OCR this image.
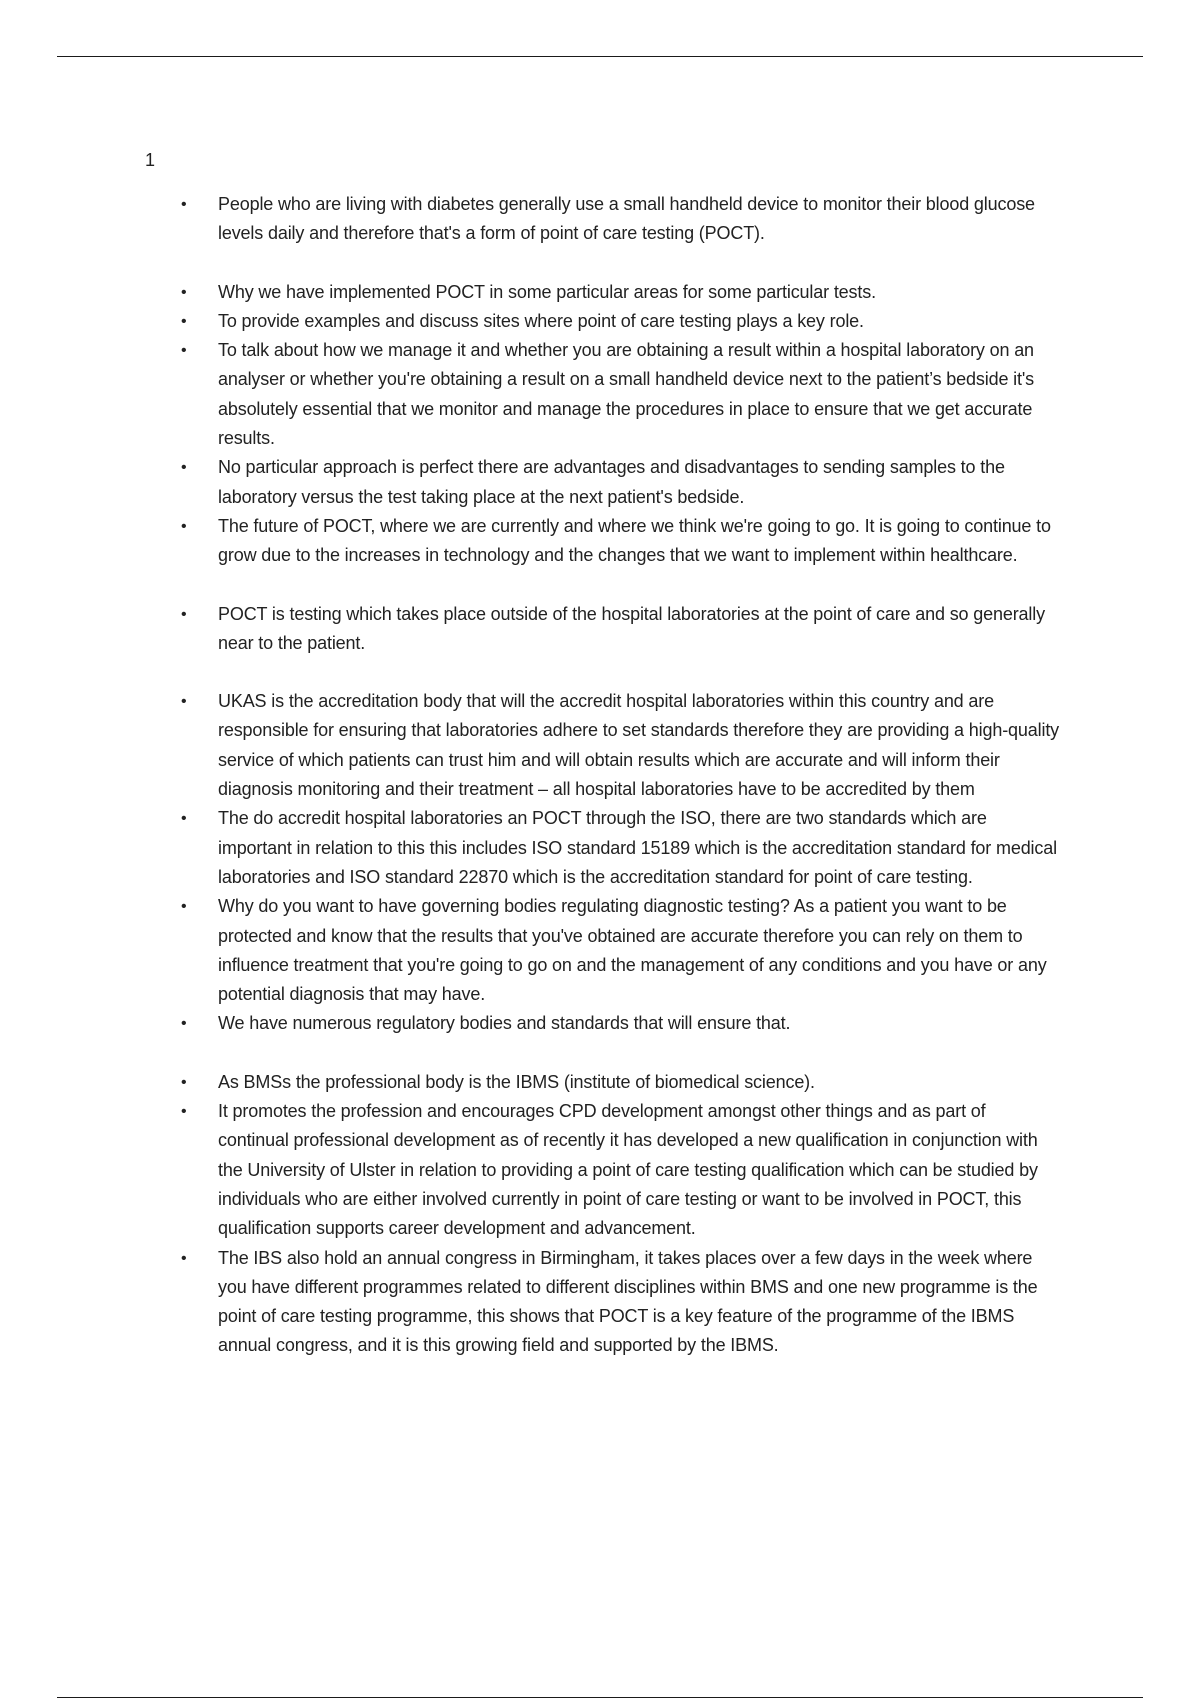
1
• People who are living with diabetes generally use a small handheld device to monitor their blood glucose levels daily and therefore that's a form of point of care testing (POCT).
• Why we have implemented POCT in some particular areas for some particular tests.
• To provide examples and discuss sites where point of care testing plays a key role.
• To talk about how we manage it and whether you are obtaining a result within a hospital laboratory on an analyser or whether you're obtaining a result on a small handheld device next to the patient’s bedside it's absolutely essential that we monitor and manage the procedures in place to ensure that we get accurate results.
• No particular approach is perfect there are advantages and disadvantages to sending samples to the laboratory versus the test taking place at the next patient's bedside.
• The future of POCT, where we are currently and where we think we're going to go. It is going to continue to grow due to the increases in technology and the changes that we want to implement within healthcare.
• POCT is testing which takes place outside of the hospital laboratories at the point of care and so generally near to the patient.
• UKAS is the accreditation body that will the accredit hospital laboratories within this country and are responsible for ensuring that laboratories adhere to set standards therefore they are providing a high-quality service of which patients can trust him and will obtain results which are accurate and will inform their diagnosis monitoring and their treatment – all hospital laboratories have to be accredited by them
• The do accredit hospital laboratories an POCT through the ISO, there are two standards which are important in relation to this this includes ISO standard 15189 which is the accreditation standard for medical laboratories and ISO standard 22870 which is the accreditation standard for point of care testing.
• Why do you want to have governing bodies regulating diagnostic testing? As a patient you want to be protected and know that the results that you've obtained are accurate therefore you can rely on them to influence treatment that you're going to go on and the management of any conditions and you have or any potential diagnosis that may have.
• We have numerous regulatory bodies and standards that will ensure that.
• As BMSs the professional body is the IBMS (institute of biomedical science).
• It promotes the profession and encourages CPD development amongst other things and as part of continual professional development as of recently it has developed a new qualification in conjunction with the University of Ulster in relation to providing a point of care testing qualification which can be studied by individuals who are either involved currently in point of care testing or want to be involved in POCT, this qualification supports career development and advancement.
• The IBS also hold an annual congress in Birmingham, it takes places over a few days in the week where you have different programmes related to different disciplines within BMS and one new programme is the point of care testing programme, this shows that POCT is a key feature of the programme of the IBMS annual congress, and it is this growing field and supported by the IBMS.
